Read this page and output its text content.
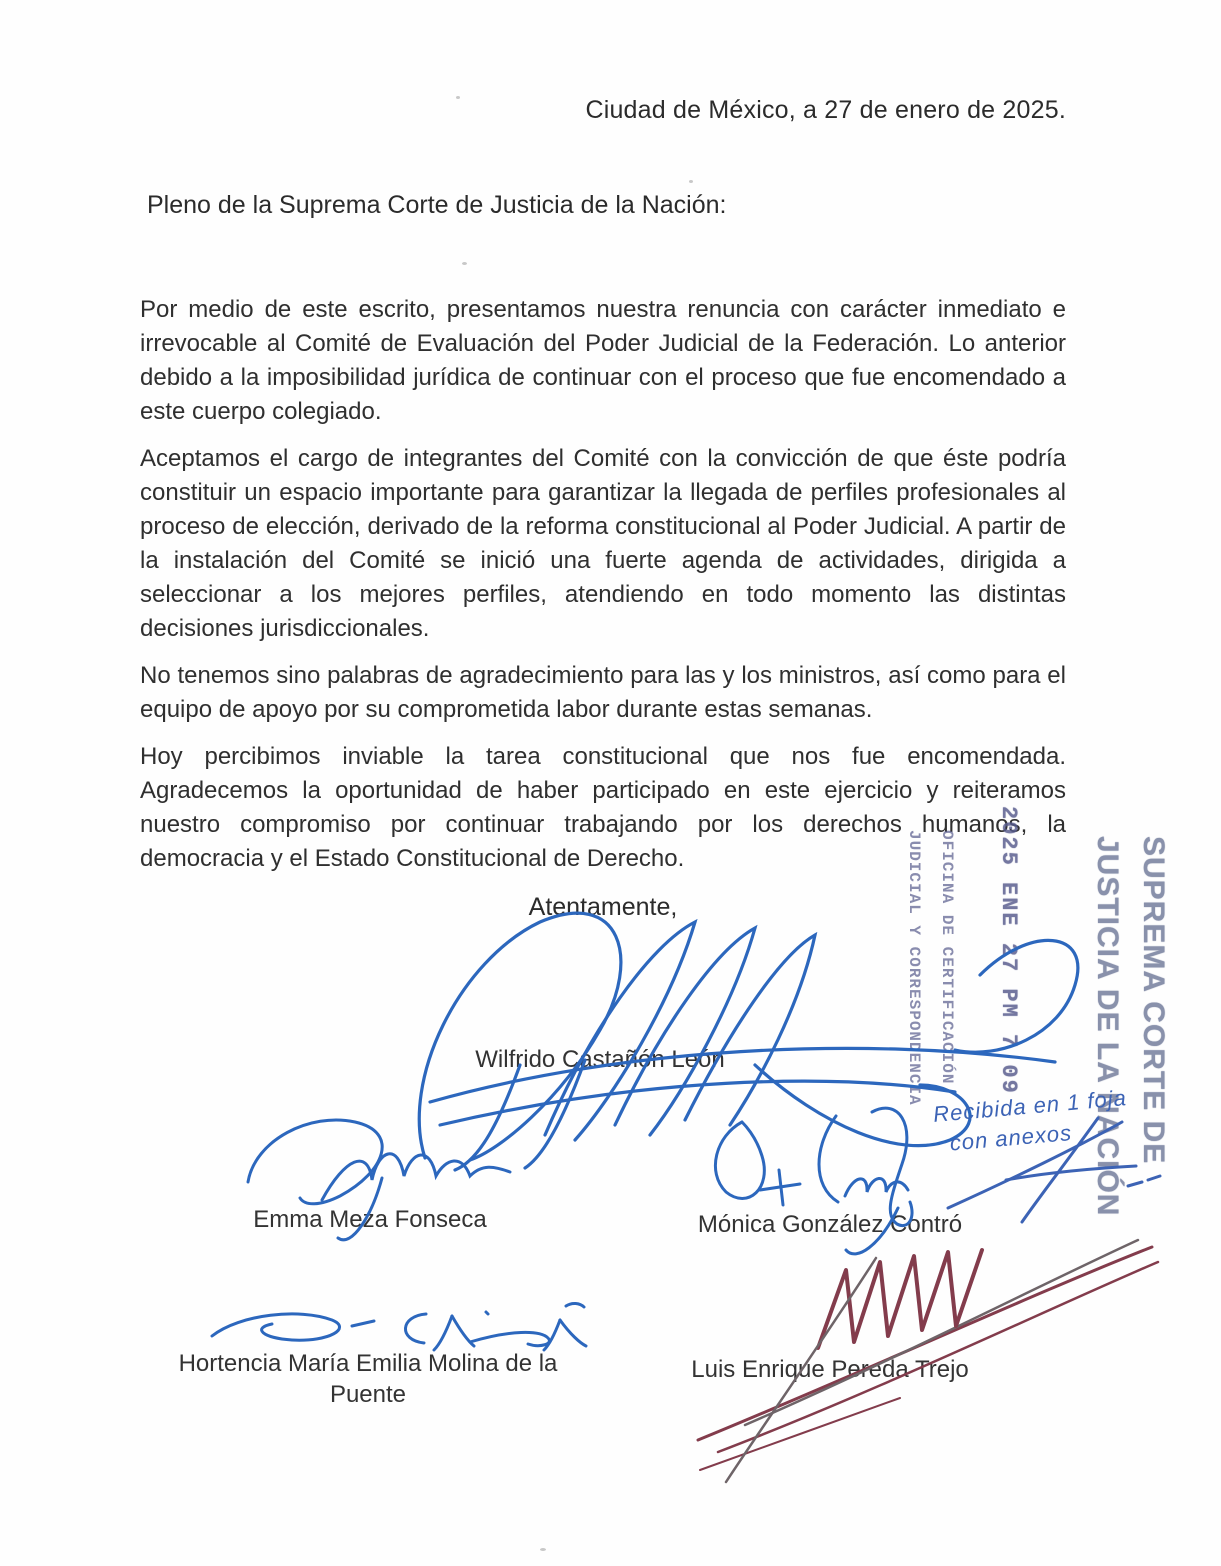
Ciudad de México, a 27 de enero de 2025.
Pleno de la Suprema Corte de Justicia de la Nación:

Por medio de este escrito, presentamos nuestra renuncia con carácter inmediato e irrevocable al Comité de Evaluación del Poder Judicial de la Federación. Lo anterior debido a la imposibilidad jurídica de continuar con el proceso que fue encomendado a este cuerpo colegiado.

Aceptamos el cargo de integrantes del Comité con la convicción de que éste podría constituir un espacio importante para garantizar la llegada de perfiles profesionales al proceso de elección, derivado de la reforma constitucional al Poder Judicial. A partir de la instalación del Comité se inició una fuerte agenda de actividades, dirigida a seleccionar a los mejores perfiles, atendiendo en todo momento las distintas decisiones jurisdiccionales.

No tenemos sino palabras de agradecimiento para las y los ministros, así como para el equipo de apoyo por su comprometida labor durante estas semanas.

Hoy percibimos inviable la tarea constitucional que nos fue encomendada. Agradecemos la oportunidad de haber participado en este ejercicio y reiteramos nuestro compromiso por continuar trabajando por los derechos humanos, la democracia y el Estado Constitucional de Derecho.

Atentamente,
Wilfrido Castañón León
Emma Meza Fonseca	Mónica González Contró
Hortencia María Emilia Molina de la Puente
Luis Enrique Pereda Trejo
2025 ENE 27 PM 7 09
OFICINA DE CERTIFICACIÓN
JUDICIAL Y CORRESPONDENCIA	SUPREMA CORTE DE
JUSTICIA DE LA NACIÓN
Recibida en 1 foja
con anexos
